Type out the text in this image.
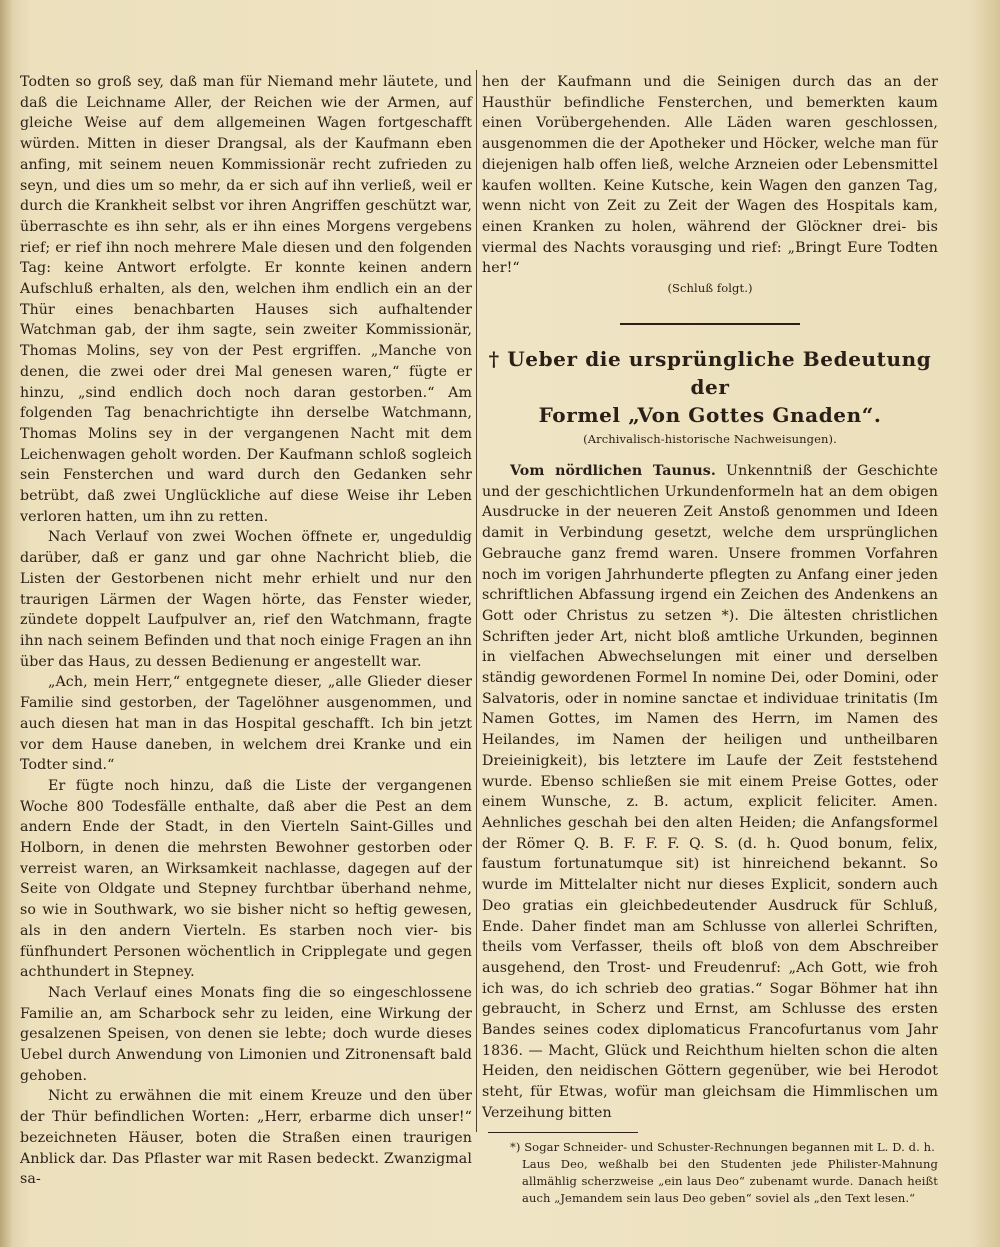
Todten so groß sey, daß man für Niemand mehr läutete, und daß die Leichname Aller, der Reichen wie der Armen, auf gleiche Weise auf dem allgemeinen Wagen fortgeschafft würden. Mitten in dieser Drangsal, als der Kaufmann eben anfing, mit seinem neuen Kommissionär recht zufrieden zu seyn, und dies um so mehr, da er sich auf ihn verließ, weil er durch die Krankheit selbst vor ihren Angriffen geschützt war, überraschte es ihn sehr, als er ihn eines Morgens vergebens rief; er rief ihn noch mehrere Male diesen und den folgenden Tag: keine Antwort erfolgte. Er konnte keinen andern Aufschluß erhalten, als den, welchen ihm endlich ein an der Thür eines benachbarten Hauses sich aufhaltender Watchman gab, der ihm sagte, sein zweiter Kommissionär, Thomas Molins, sey von der Pest ergriffen. „Manche von denen, die zwei oder drei Mal genesen waren,“ fügte er hinzu, „sind endlich doch noch daran gestorben.“ Am folgenden Tag benachrichtigte ihn derselbe Watchmann, Thomas Molins sey in der vergangenen Nacht mit dem Leichenwagen geholt worden. Der Kaufmann schloß sogleich sein Fensterchen und ward durch den Gedanken sehr betrübt, daß zwei Unglückliche auf diese Weise ihr Leben verloren hatten, um ihn zu retten.

Nach Verlauf von zwei Wochen öffnete er, ungeduldig darüber, daß er ganz und gar ohne Nachricht blieb, die Listen der Gestorbenen nicht mehr erhielt und nur den traurigen Lärmen der Wagen hörte, das Fenster wieder, zündete doppelt Laufpulver an, rief den Watchmann, fragte ihn nach seinem Befinden und that noch einige Fragen an ihn über das Haus, zu dessen Bedienung er angestellt war.

„Ach, mein Herr,“ entgegnete dieser, „alle Glieder dieser Familie sind gestorben, der Tagelöhner ausgenommen, und auch diesen hat man in das Hospital geschafft. Ich bin jetzt vor dem Hause daneben, in welchem drei Kranke und ein Todter sind.“

Er fügte noch hinzu, daß die Liste der vergangenen Woche 800 Todesfälle enthalte, daß aber die Pest an dem andern Ende der Stadt, in den Vierteln Saint-Gilles und Holborn, in denen die mehrsten Bewohner gestorben oder verreist waren, an Wirksamkeit nachlasse, dagegen auf der Seite von Oldgate und Stepney furchtbar überhand nehme, so wie in Southwark, wo sie bisher nicht so heftig gewesen, als in den andern Vierteln. Es starben noch vier- bis fünfhundert Personen wöchentlich in Cripplegate und gegen achthundert in Stepney.

Nach Verlauf eines Monats fing die so eingeschlossene Familie an, am Scharbock sehr zu leiden, eine Wirkung der gesalzenen Speisen, von denen sie lebte; doch wurde dieses Uebel durch Anwendung von Limonien und Zitronensaft bald gehoben.

Nicht zu erwähnen die mit einem Kreuze und den über der Thür befindlichen Worten: „Herr, erbarme dich unser!“ bezeichneten Häuser, boten die Straßen einen traurigen Anblick dar. Das Pflaster war mit Rasen bedeckt. Zwanzigmal sa-

hen der Kaufmann und die Seinigen durch das an der Hausthür befindliche Fensterchen, und bemerkten kaum einen Vorübergehenden. Alle Läden waren geschlossen, ausgenommen die der Apotheker und Höcker, welche man für diejenigen halb offen ließ, welche Arzneien oder Lebensmittel kaufen wollten. Keine Kutsche, kein Wagen den ganzen Tag, wenn nicht von Zeit zu Zeit der Wagen des Hospitals kam, einen Kranken zu holen, während der Glöckner drei- bis viermal des Nachts vorausging und rief: „Bringt Eure Todten her!“

(Schluß folgt.)

† Ueber die ursprüngliche Bedeutung der

Formel „Von Gottes Gnaden“.

(Archivalisch-historische Nachweisungen).

Vom nördlichen Taunus. Unkenntniß der Geschichte und der geschichtlichen Urkundenformeln hat an dem obigen Ausdrucke in der neueren Zeit Anstoß genommen und Ideen damit in Verbindung gesetzt, welche dem ursprünglichen Gebrauche ganz fremd waren. Unsere frommen Vorfahren noch im vorigen Jahrhunderte pflegten zu Anfang einer jeden schriftlichen Abfassung irgend ein Zeichen des Andenkens an Gott oder Christus zu setzen *). Die ältesten christlichen Schriften jeder Art, nicht bloß amtliche Urkunden, beginnen in vielfachen Abwechselungen mit einer und derselben ständig gewordenen Formel In nomine Dei, oder Domini, oder Salvatoris, oder in nomine sanctae et individuae trinitatis (Im Namen Gottes, im Namen des Herrn, im Namen des Heilandes, im Namen der heiligen und untheilbaren Dreieinigkeit), bis letztere im Laufe der Zeit feststehend wurde. Ebenso schließen sie mit einem Preise Gottes, oder einem Wunsche, z. B. actum, explicit feliciter. Amen. Aehnliches geschah bei den alten Heiden; die Anfangsformel der Römer Q. B. F. F. F. Q. S. (d. h. Quod bonum, felix, faustum fortunatumque sit) ist hinreichend bekannt. So wurde im Mittelalter nicht nur dieses Explicit, sondern auch Deo gratias ein gleichbedeutender Ausdruck für Schluß, Ende. Daher findet man am Schlusse von allerlei Schriften, theils vom Verfasser, theils oft bloß von dem Abschreiber ausgehend, den Trost- und Freudenruf: „Ach Gott, wie froh ich was, do ich schrieb deo gratias.“ Sogar Böhmer hat ihn gebraucht, in Scherz und Ernst, am Schlusse des ersten Bandes seines codex diplomaticus Francofurtanus vom Jahr 1836. — Macht, Glück und Reichthum hielten schon die alten Heiden, den neidischen Göttern gegenüber, wie bei Herodot steht, für Etwas, wofür man gleichsam die Himmlischen um Verzeihung bitten

*) Sogar Schneider- und Schuster-Rechnungen begannen mit L. D. d. h.

Laus Deo, weßhalb bei den Studenten jede Philister-Mahnung allmählig scherzweise „ein laus Deo“ zubenamt wurde. Danach heißt auch „Jemandem sein laus Deo geben“ soviel als „den Text lesen.“
